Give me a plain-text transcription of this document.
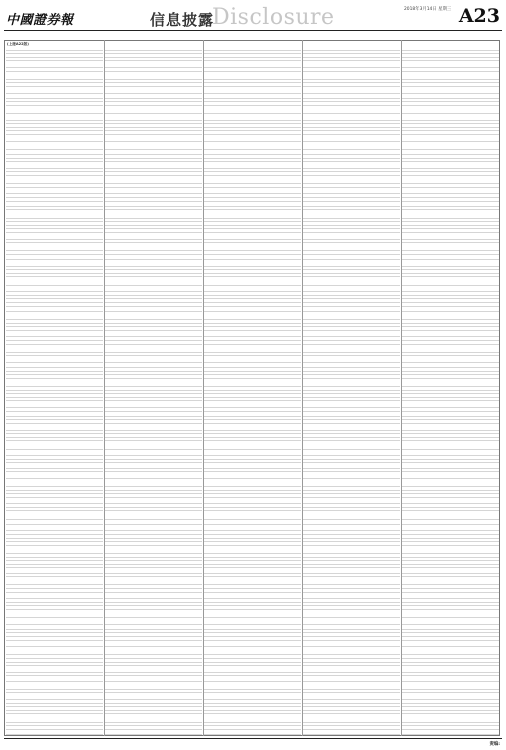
中國證券報	信息披露
Disclosure	2018年3月14日 星期三 A23
(上接A22版)
责编:
